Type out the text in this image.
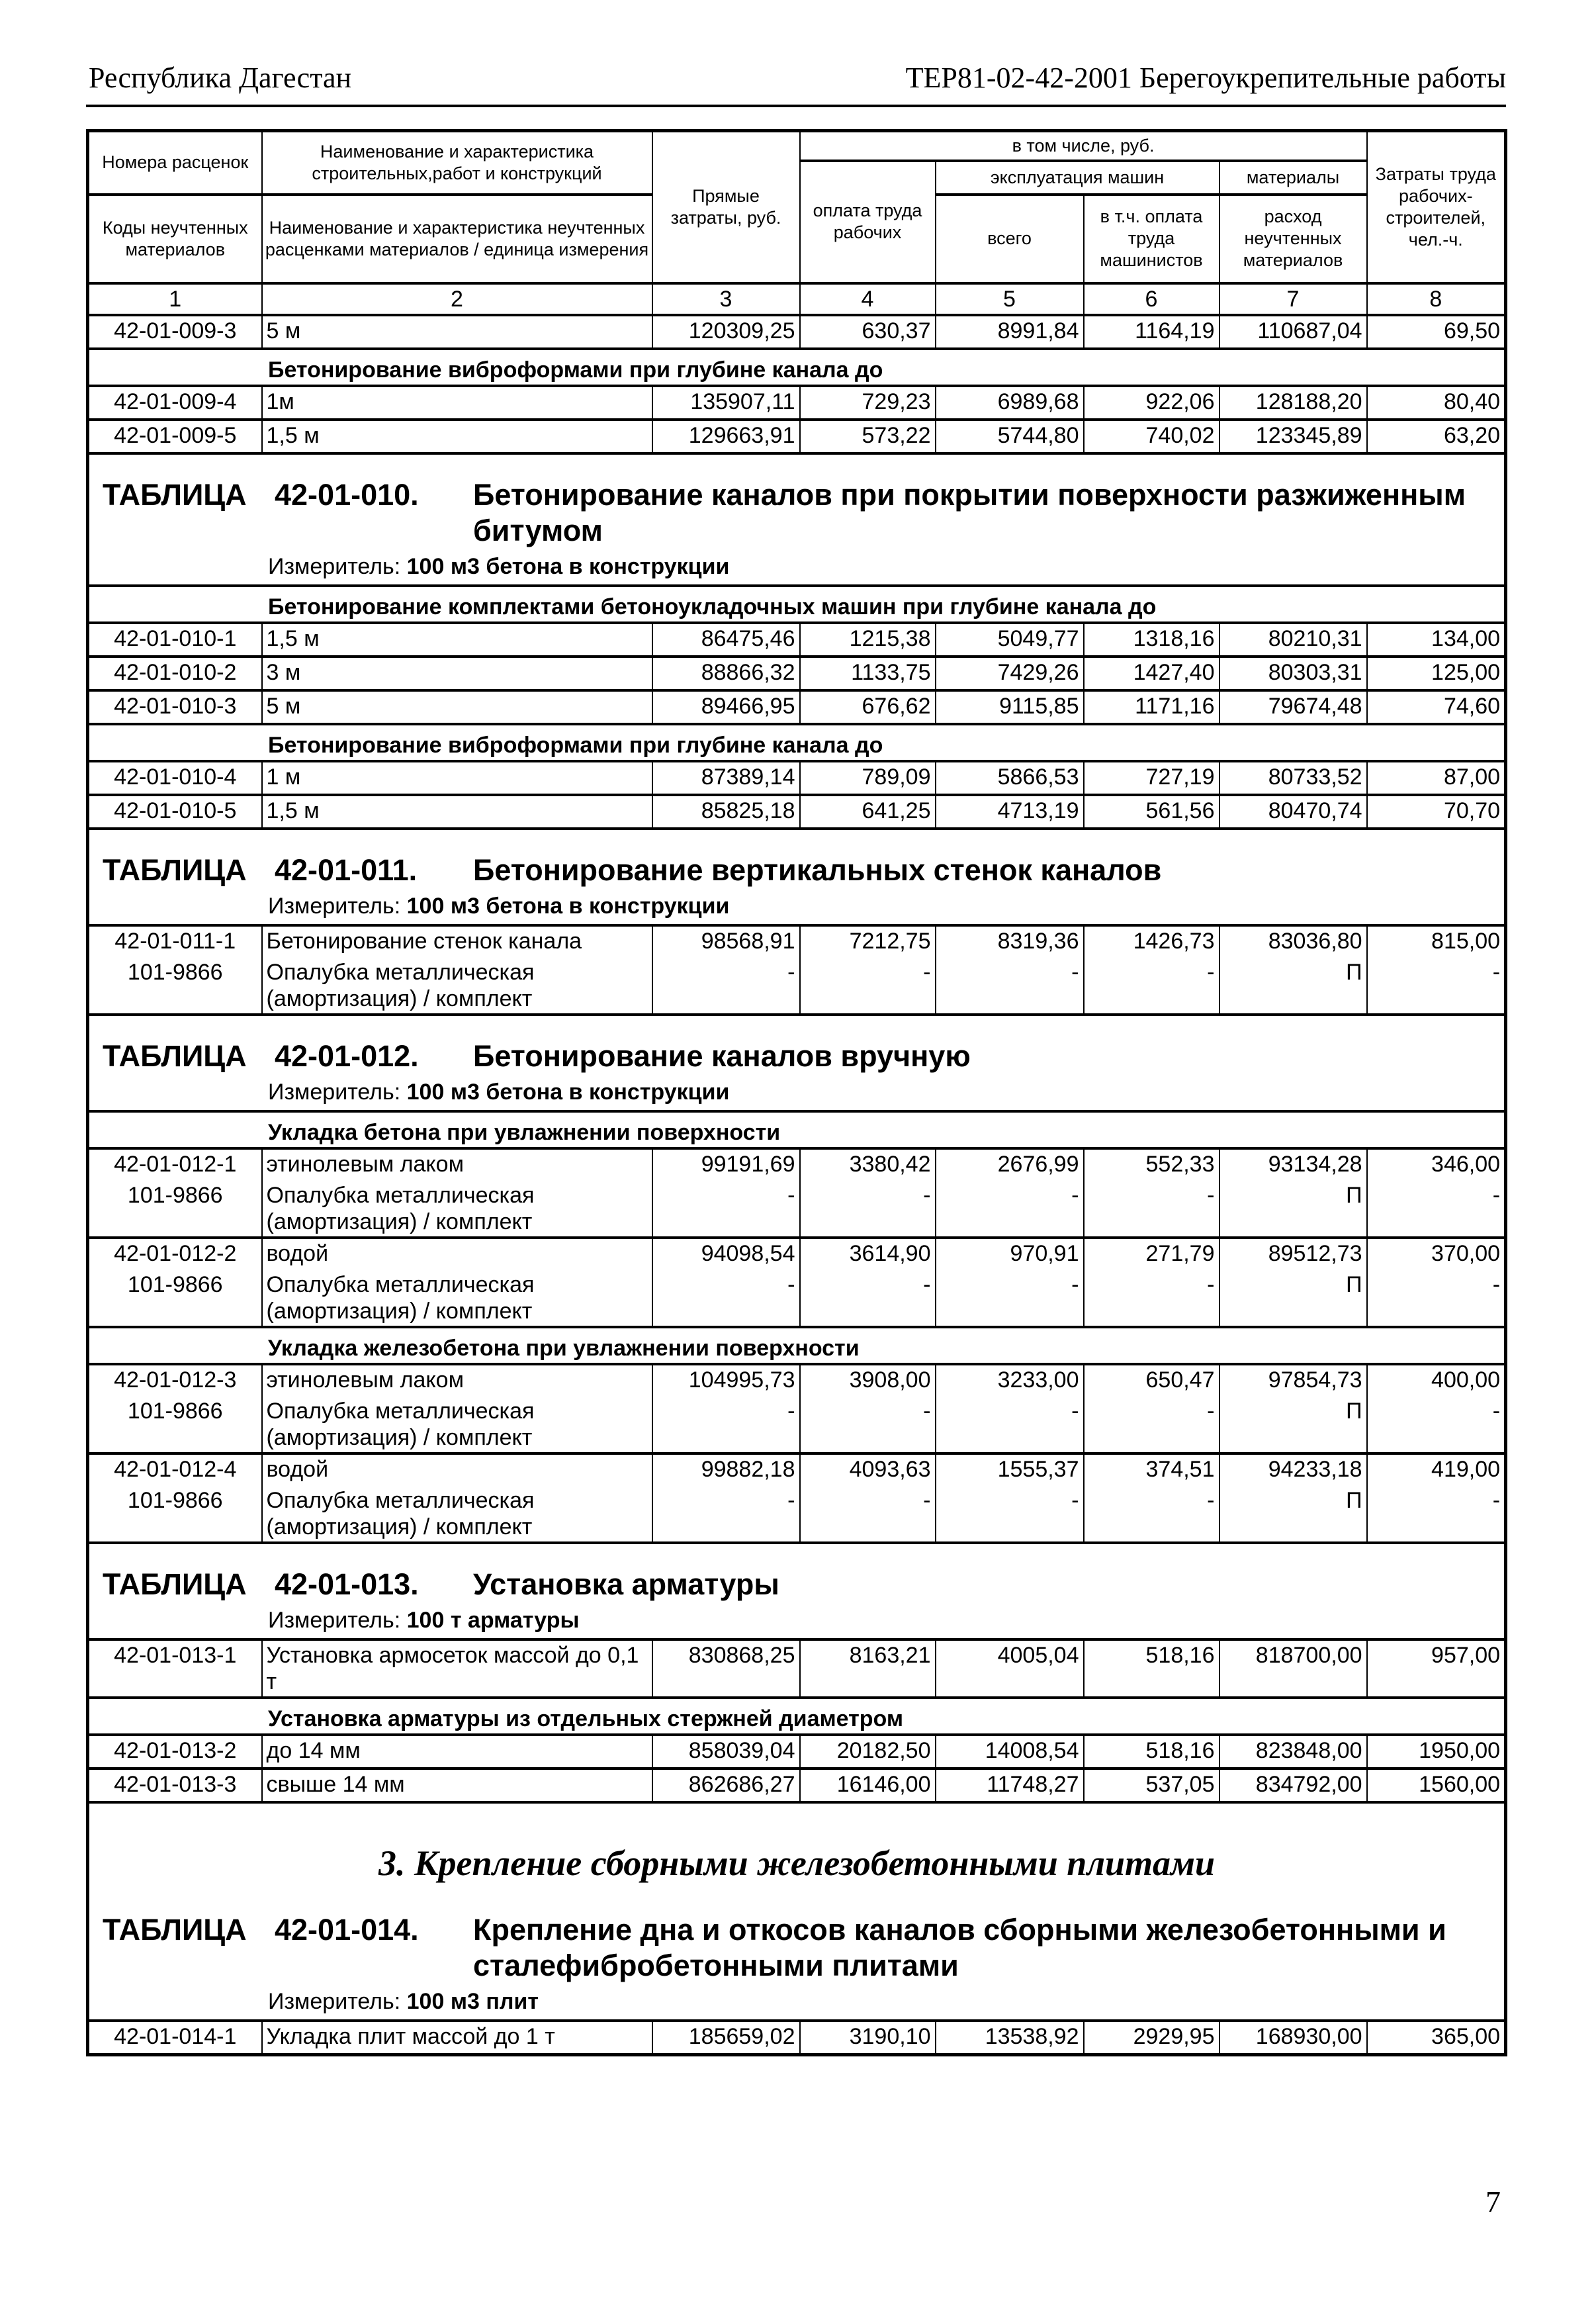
Республика Дагестан	ТЕР81-02-42-2001 Берегоукрепительные работы
Номера расценок	Наименование и характеристика строительных,работ и конструкций	Прямые затраты, руб.	в том числе, руб.				Затраты труда рабочих-строителей, чел.-ч.
			оплата труда рабочих	эксплуатация машин		материалы	
Коды неучтенных материалов	Наименование и характеристика неучтенных расценками материалов / единица измерения			всего	в т.ч. оплата труда машинистов	расход неучтенных материалов	
1	2	3	4	5	6	7	8
42-01-009-3	5 м	120309,25	630,37	8991,84	1164,19	110687,04	69,50
Бетонирование виброформами при глубине канала до							
42-01-009-4	1м	135907,11	729,23	6989,68	922,06	128188,20	80,40
42-01-009-5	1,5 м	129663,91	573,22	5744,80	740,02	123345,89	63,20

ТАБЛИЦА 42-01-010. Бетонирование каналов при покрытии поверхности разжиженным битумом							

Измеритель: 100 м3 бетона в конструкции							
Бетонирование комплектами бетоноукладочных машин при глубине канала до							
42-01-010-1	1,5 м	86475,46	1215,38	5049,77	1318,16	80210,31	134,00
42-01-010-2	3 м	88866,32	1133,75	7429,26	1427,40	80303,31	125,00
42-01-010-3	5 м	89466,95	676,62	9115,85	1171,16	79674,48	74,60
Бетонирование виброформами при глубине канала до							
42-01-010-4	1 м	87389,14	789,09	5866,53	727,19	80733,52	87,00
42-01-010-5	1,5 м	85825,18	641,25	4713,19	561,56	80470,74	70,70

ТАБЛИЦА 42-01-011. Бетонирование вертикальных стенок каналов							

Измеритель: 100 м3 бетона в конструкции							
42-01-011-1	Бетонирование стенок канала	98568,91	7212,75	8319,36	1426,73	83036,80	815,00
101-9866	Опалубка металлическая (амортизация) / комплект	-	-	-	-	П	-

ТАБЛИЦА 42-01-012. Бетонирование каналов вручную							

Измеритель: 100 м3 бетона в конструкции							
Укладка бетона при увлажнении поверхности							
42-01-012-1	этинолевым лаком	99191,69	3380,42	2676,99	552,33	93134,28	346,00
101-9866	Опалубка металлическая (амортизация) / комплект	-	-	-	-	П	-
42-01-012-2	водой	94098,54	3614,90	970,91	271,79	89512,73	370,00
101-9866	Опалубка металлическая (амортизация) / комплект	-	-	-	-	П	-
Укладка железобетона при увлажнении поверхности							
42-01-012-3	этинолевым лаком	104995,73	3908,00	3233,00	650,47	97854,73	400,00
101-9866	Опалубка металлическая (амортизация) / комплект	-	-	-	-	П	-
42-01-012-4	водой	99882,18	4093,63	1555,37	374,51	94233,18	419,00
101-9866	Опалубка металлическая (амортизация) / комплект	-	-	-	-	П	-

ТАБЛИЦА 42-01-013. Установка арматуры							

Измеритель: 100 т арматуры							
42-01-013-1	Установка армосеток массой до 0,1 т	830868,25	8163,21	4005,04	518,16	818700,00	957,00
Установка арматуры из отдельных стержней диаметром							
42-01-013-2	до 14 мм	858039,04	20182,50	14008,54	518,16	823848,00	1950,00
42-01-013-3	свыше 14 мм	862686,27	16146,00	11748,27	537,05	834792,00	1560,00
3. Крепление сборными железобетонными плитами							

ТАБЛИЦА 42-01-014. Крепление дна и откосов каналов сборными железобетонными и сталефибробетонными плитами							

Измеритель: 100 м3 плит							
42-01-014-1	Укладка плит массой до 1 т	185659,02	3190,10	13538,92	2929,95	168930,00	365,00
7
